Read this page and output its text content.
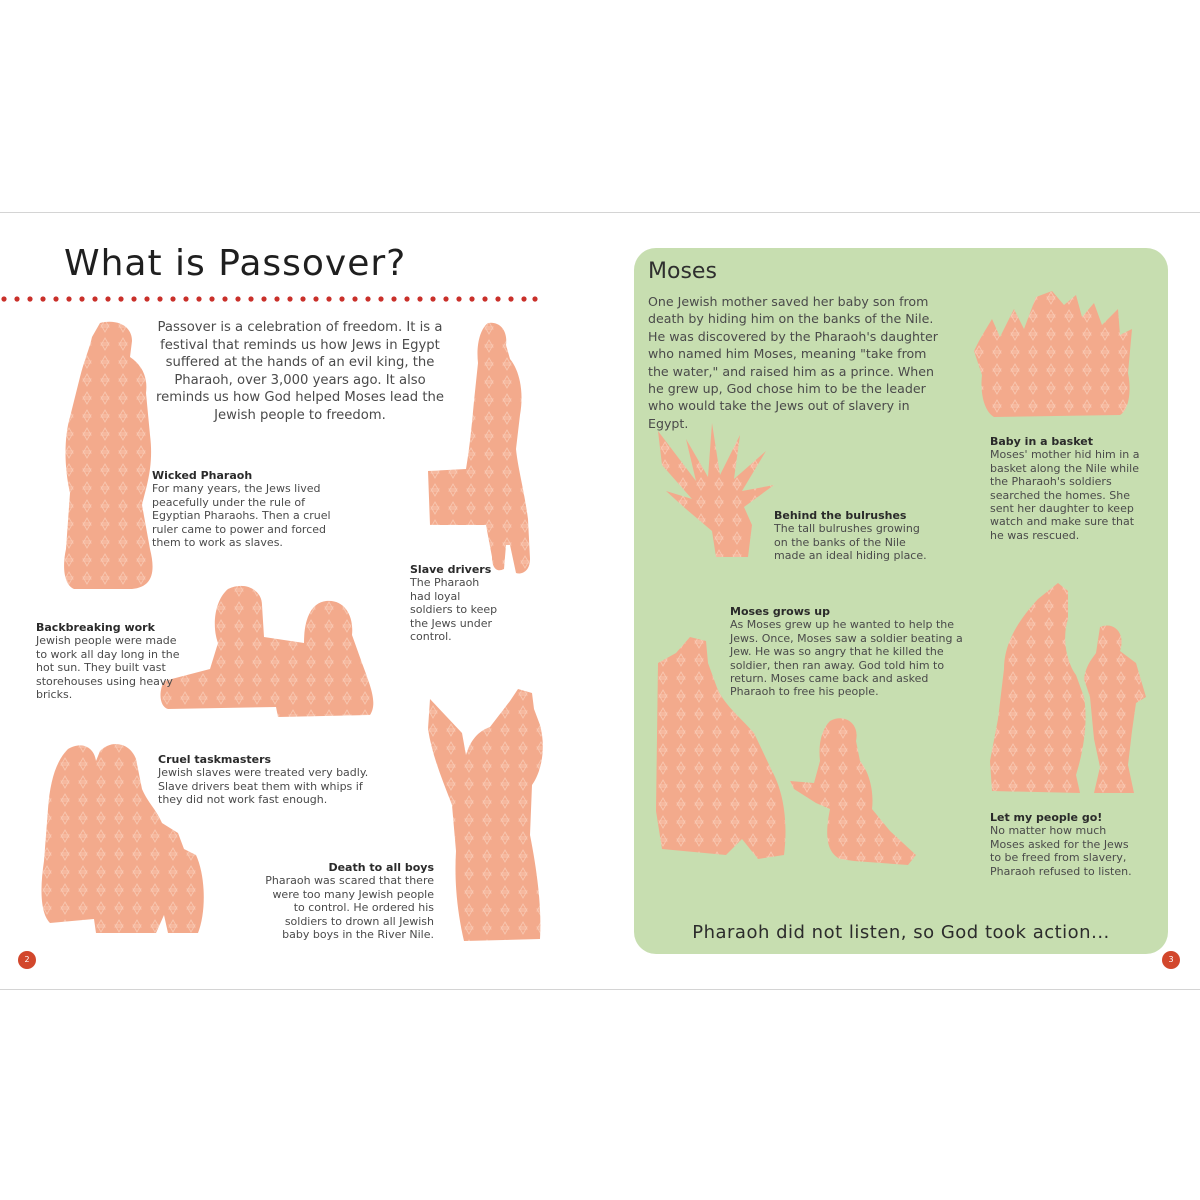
What is Passover?
Passover is a celebration of freedom. It is a festival that reminds us how Jews in Egypt suffered at the hands of an evil king, the Pharaoh, over 3,000 years ago. It also reminds us how God helped Moses lead the Jewish people to freedom.
Wicked Pharaoh
For many years, the Jews lived peacefully under the rule of Egyptian Pharaohs. Then a cruel ruler came to power and forced them to work as slaves.
Slave drivers
The Pharaoh had loyal soldiers to keep the Jews under control.
Backbreaking work
Jewish people were made to work all day long in the hot sun. They built vast storehouses using heavy bricks.
Cruel taskmasters
Jewish slaves were treated very badly. Slave drivers beat them with whips if they did not work fast enough.
Death to all boys
Pharaoh was scared that there were too many Jewish people to control. He ordered his soldiers to drown all Jewish baby boys in the River Nile.
2
Moses
One Jewish mother saved her baby son from death by hiding him on the banks of the Nile. He was discovered by the Pharaoh's daughter who named him Moses, meaning "take from the water," and raised him as a prince. When he grew up, God chose him to be the leader who would take the Jews out of slavery in Egypt.
Baby in a basket
Moses' mother hid him in a basket along the Nile while the Pharaoh's soldiers searched the homes. She sent her daughter to keep watch and make sure that he was rescued.
Behind the bulrushes
The tall bulrushes growing on the banks of the Nile made an ideal hiding place.
Moses grows up
As Moses grew up he wanted to help the Jews. Once, Moses saw a soldier beating a Jew. He was so angry that he killed the soldier, then ran away. God told him to return. Moses came back and asked Pharaoh to free his people.
Let my people go!
No matter how much Moses asked for the Jews to be freed from slavery, Pharaoh refused to listen.
Pharaoh did not listen, so God took action...
3
